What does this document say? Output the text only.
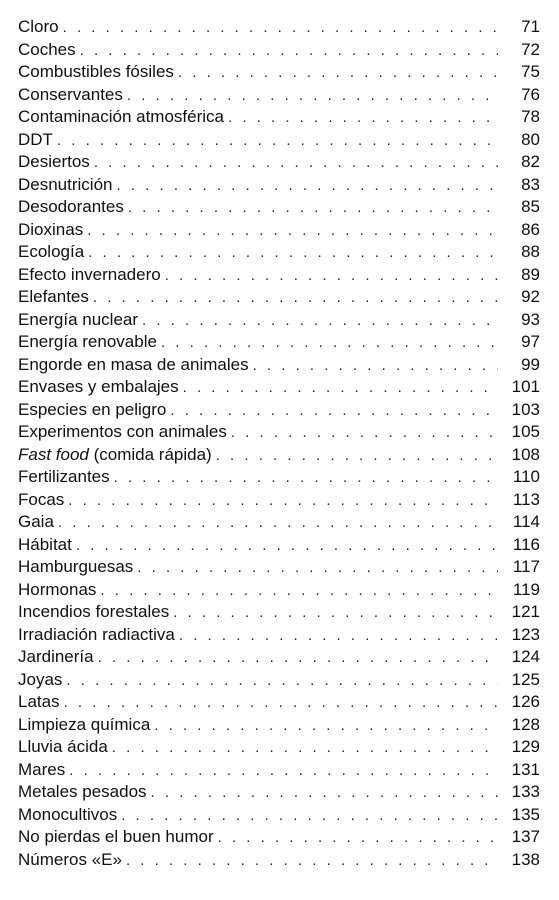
Cloro . . .	71
Coches . . .	72
Combustibles fósiles . . .	75
Conservantes . . .	76
Contaminación atmosférica . . .	78
DDT . . .	80
Desiertos . . .	82
Desnutrición . . .	83
Desodorantes . . .	85
Dioxinas . . .	86
Ecología . . .	88
Efecto invernadero . . .	89
Elefantes . . .	92
Energía nuclear . . .	93
Energía renovable . . .	97
Engorde en masa de animales . . .	99
Envases y embalajes . . .	101
Especies en peligro . . .	103
Experimentos con animales . . .	105
Fast food (comida rápida) . . .	108
Fertilizantes . . .	110
Focas . . .	113
Gaia . . .	114
Hábitat . . .	116
Hamburguesas . . .	117
Hormonas . . .	119
Incendios forestales . . .	121
Irradiación radiactiva . . .	123
Jardinería . . .	124
Joyas . . .	125
Latas . . .	126
Limpieza química . . .	128
Lluvia ácida . . .	129
Mares . . .	131
Metales pesados . . .	133
Monocultivos . . .	135
No pierdas el buen humor . . .	137
Números «E» . . .	138
